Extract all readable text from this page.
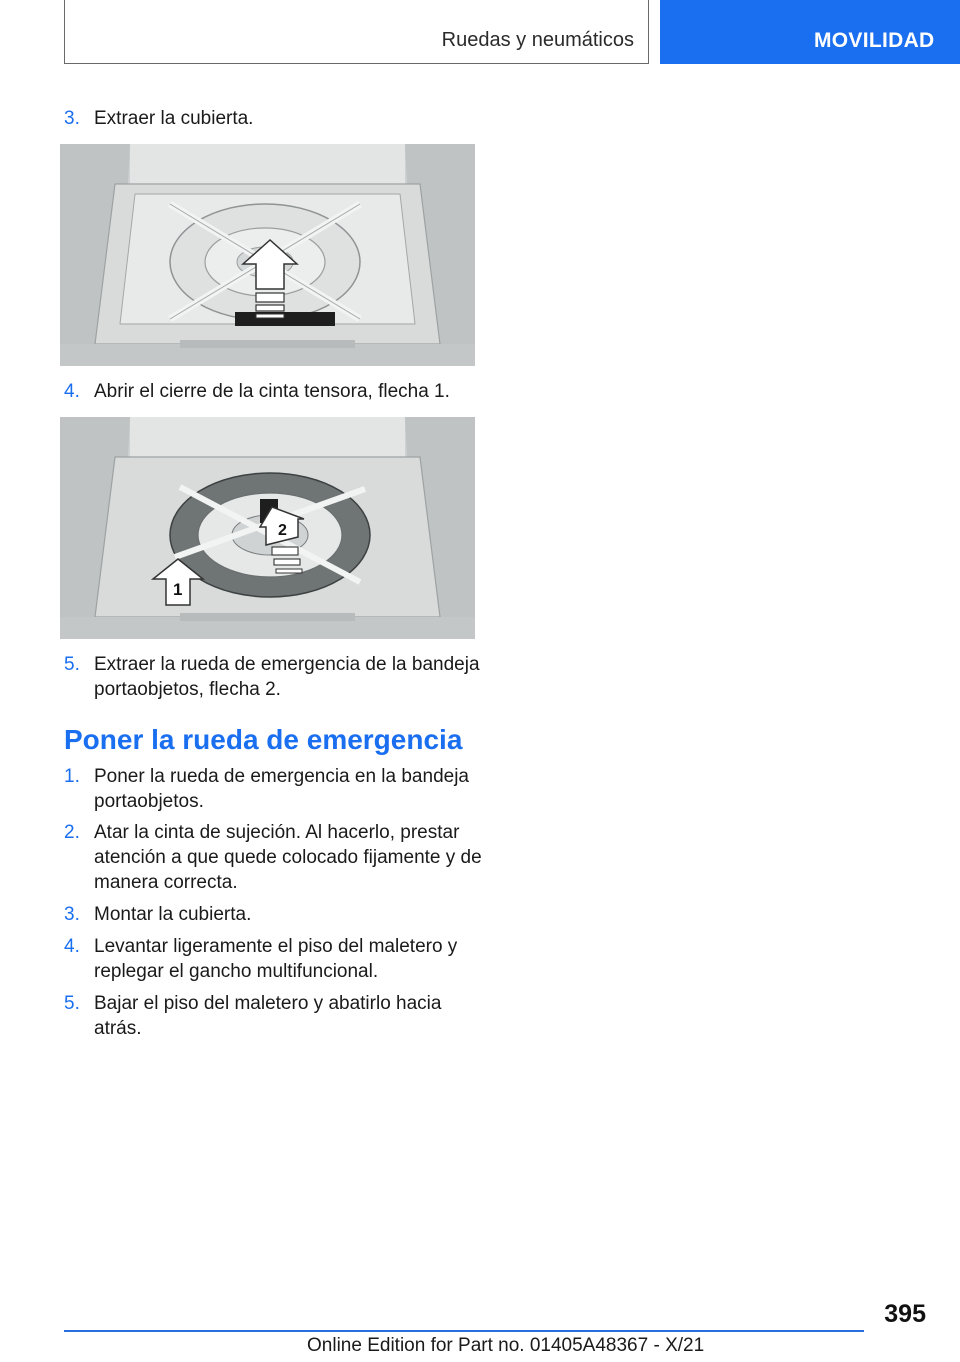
Ruedas y neumáticos	MOVILIDAD
3. Extraer la cubierta.
4. Abrir el cierre de la cinta tensora, flecha 1.
2
1
5. Extraer la rueda de emergencia de la bandeja portaobjetos, flecha 2.
Poner la rueda de emergencia
1. Poner la rueda de emergencia en la bandeja portaobjetos.
2. Atar la cinta de sujeción. Al hacerlo, prestar atención a que quede colocado fijamente y de manera correcta.
3. Montar la cubierta.
4. Levantar ligeramente el piso del maletero y replegar el gancho multifuncional.
5. Bajar el piso del maletero y abatirlo hacia atrás.
395
Online Edition for Part no. 01405A48367 - X/21
